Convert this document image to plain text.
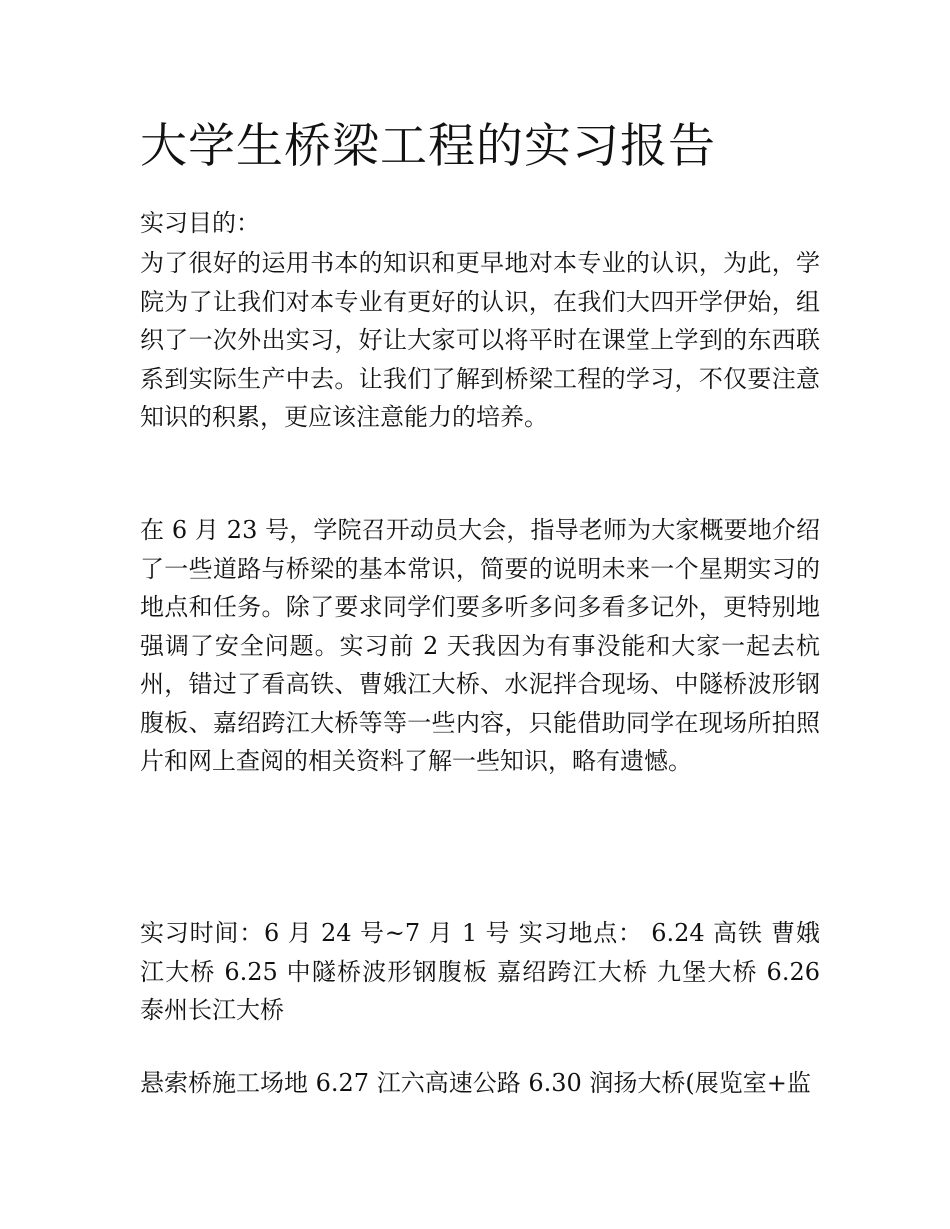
大学生桥梁工程的实习报告

实习目的：

为了很好的运用书本的知识和更早地对本专业的认识，为此，学院为了让我们对本专业有更好的认识，在我们大四开学伊始，组织了一次外出实习，好让大家可以将平时在课堂上学到的东西联系到实际生产中去。让我们了解到桥梁工程的学习，不仅要注意知识的积累，更应该注意能力的培养。

在 6 月 23 号，学院召开动员大会，指导老师为大家概要地介绍了一些道路与桥梁的基本常识，简要的说明未来一个星期实习的地点和任务。除了要求同学们要多听多问多看多记外，更特别地强调了安全问题。实习前 2 天我因为有事没能和大家一起去杭州，错过了看高铁、曹娥江大桥、水泥拌合现场、中隧桥波形钢腹板、嘉绍跨江大桥等等一些内容，只能借助同学在现场所拍照片和网上查阅的相关资料了解一些知识，略有遗憾。

实习时间：6 月 24 号~7 月 1 号 实习地点： 6.24 高铁 曹娥江大桥 6.25 中隧桥波形钢腹板 嘉绍跨江大桥 九堡大桥 6.26 泰州长江大桥

悬索桥施工场地 6.27 江六高速公路 6.30 润扬大桥(展览室+监
